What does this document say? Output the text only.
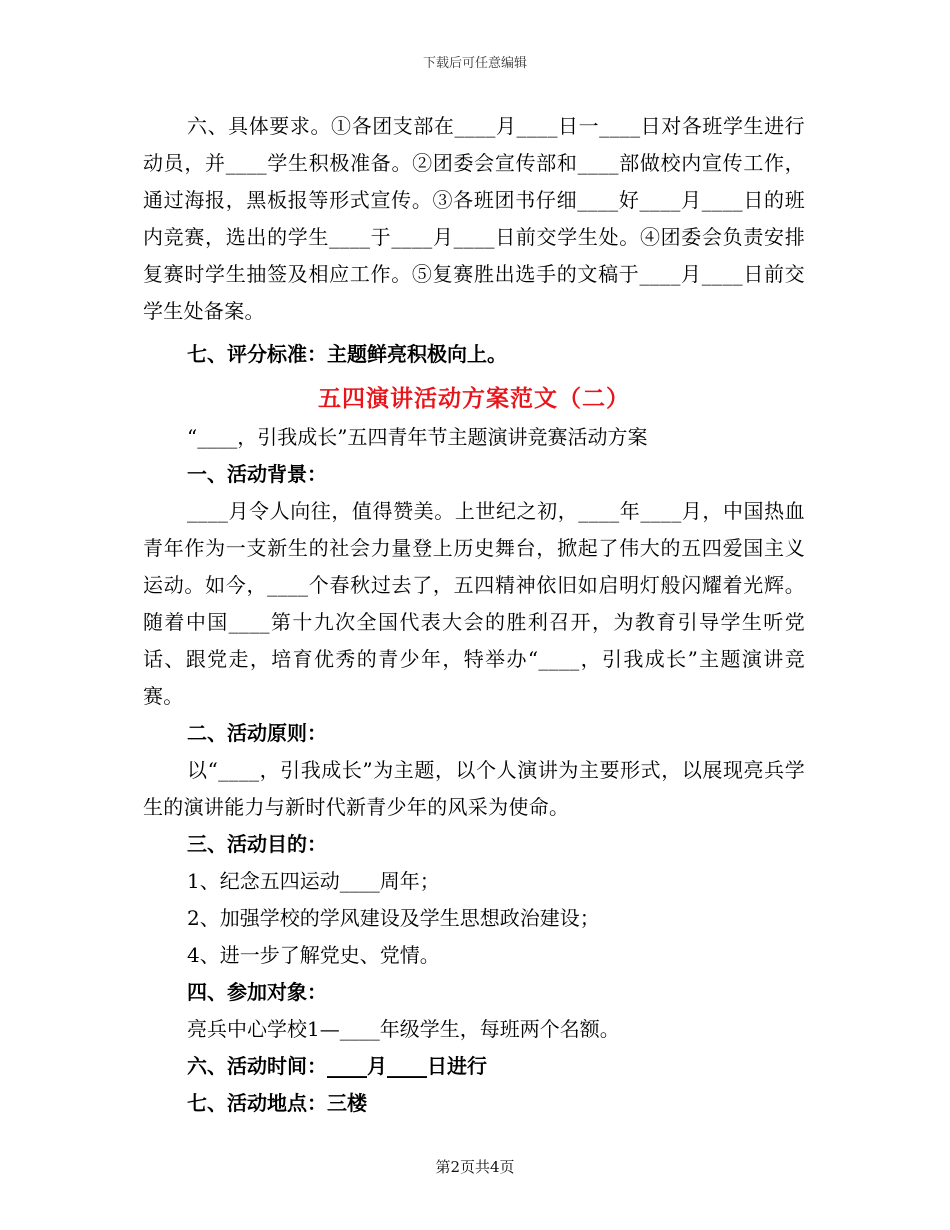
下载后可任意编辑

六、具体要求。①各团支部在____月____日一____日对各班学生进行动员，并____学生积极准备。②团委会宣传部和____部做校内宣传工作，通过海报，黑板报等形式宣传。③各班团书仔细____好____月____日的班内竞赛，选出的学生____于____月____日前交学生处。④团委会负责安排复赛时学生抽签及相应工作。⑤复赛胜出选手的文稿于____月____日前交学生处备案。

七、评分标准：主题鲜亮积极向上。

五四演讲活动方案范文（二）

“____，引我成长”五四青年节主题演讲竞赛活动方案

一、活动背景：

____月令人向往，值得赞美。上世纪之初，____年____月，中国热血青年作为一支新生的社会力量登上历史舞台，掀起了伟大的五四爱国主义运动。如今，____个春秋过去了，五四精神依旧如启明灯般闪耀着光辉。随着中国____第十九次全国代表大会的胜利召开，为教育引导学生听党话、跟党走，培育优秀的青少年，特举办“____，引我成长”主题演讲竞赛。

二、活动原则：

以“____，引我成长”为主题，以个人演讲为主要形式，以展现亮兵学生的演讲能力与新时代新青少年的风采为使命。

三、活动目的：

1、纪念五四运动____周年；

2、加强学校的学风建设及学生思想政治建设；

4、进一步了解党史、党情。

四、参加对象：

亮兵中心学校1—____年级学生，每班两个名额。

六、活动时间：____月____日进行

七、活动地点：三楼

第2页共4页
